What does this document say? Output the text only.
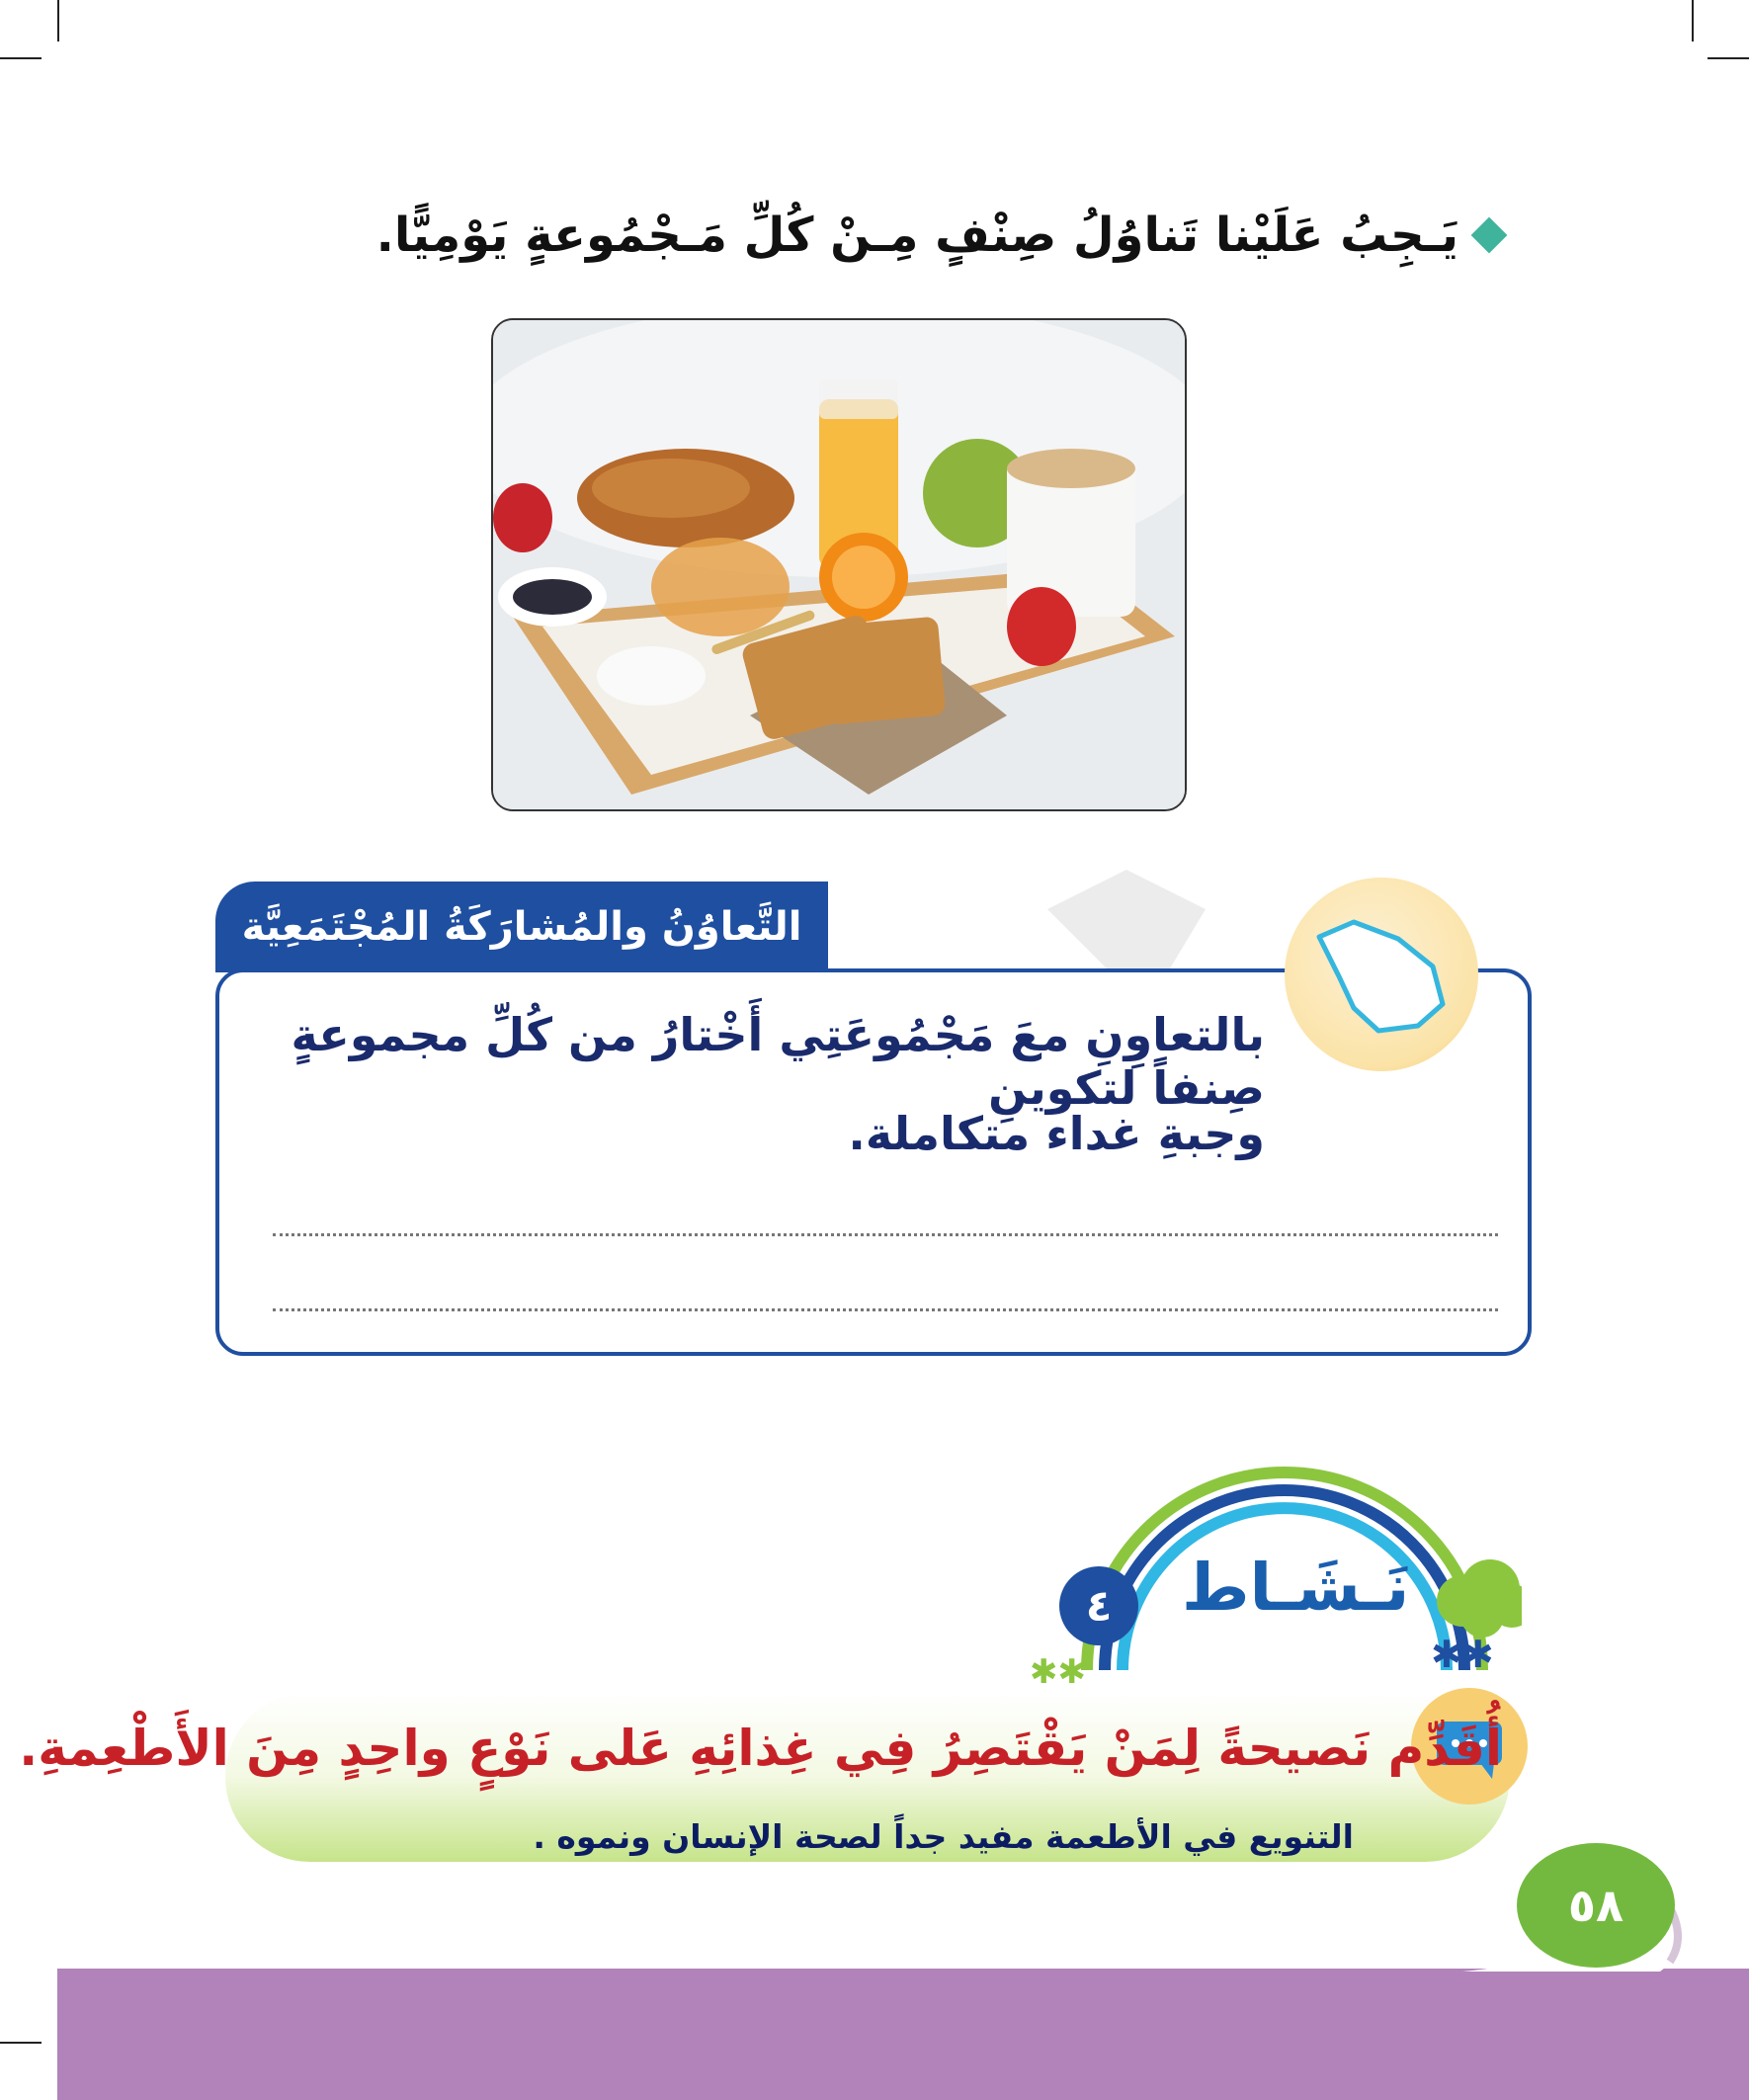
يَـجِبُ عَلَيْنا تَناوُلُ صِنْفٍ مِـنْ كُلِّ مَـجْمُوعةٍ يَوْمِيًّا.
التَّعاوُنُ والمُشارَكَةُ المُجْتَمَعِيَّة
بالتعاوِنِ معَ مَجْمُوعَتِي أَخْتارُ من كُلِّ مجموعةٍ صِنفاً لتكوينِ
وجبةِ غداء متكاملة.
نَـشَـاط
٤
✱✱	✱✱
أُقَدِّم نَصيحةً لِمَنْ يَقْتَصِرُ فِي غِذائِهِ عَلى نَوْعٍ واحِدٍ مِنَ الأَطْعِمةِ.
التنويع في الأطعمة مفيد جداً لصحة الإنسان ونموه .
٥٨
